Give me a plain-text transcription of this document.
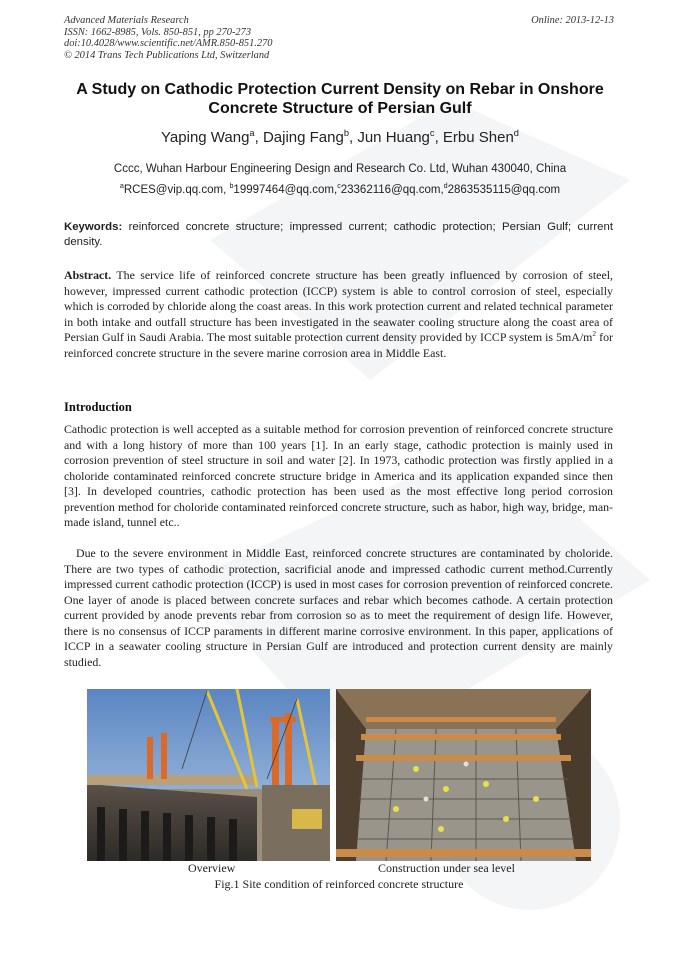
Advanced Materials Research
ISSN: 1662-8985, Vols. 850-851, pp 270-273
doi:10.4028/www.scientific.net/AMR.850-851.270
© 2014 Trans Tech Publications Ltd, Switzerland
Online: 2013-12-13
A Study on Cathodic Protection Current Density on Rebar in Onshore Concrete Structure of Persian Gulf
Yaping Wang$^a$, Dajing Fang$^b$, Jun Huang$^c$, Erbu Shen$^d$
Cccc, Wuhan Harbour Engineering Design and Research Co. Ltd, Wuhan 430040, China
$^a$RCES@vip.qq.com, $^b$19997464@qq.com,$^c$23362116@qq.com,$^d$2863535115@qq.com
Keywords: reinforced concrete structure; impressed current; cathodic protection; Persian Gulf; current density.
Abstract. The service life of reinforced concrete structure has been greatly influenced by corrosion of steel, however, impressed current cathodic protection (ICCP) system is able to control corrosion of steel, especially which is corroded by chloride along the coast areas. In this work protection current and related technical parameter in both intake and outfall structure has been investigated in the seawater cooling structure along the coast area of Persian Gulf in Saudi Arabia. The most suitable protection current density provided by ICCP system is $5mA/m^2$ for reinforced concrete structure in the severe marine corrosion area in Middle East.
Introduction
Cathodic protection is well accepted as a suitable method for corrosion prevention of reinforced concrete structure and with a long history of more than 100 years [1]. In an early stage, cathodic protection is mainly used in corrosion prevention of steel structure in soil and water [2]. In 1973, cathodic protection was firstly applied in a choloride contaminated reinforced concrete structure bridge in America and its application expanded since then [3]. In developed countries, cathodic protection has been used as the most effective long period corrosion prevention method for choloride contaminated reinforced concrete structure, such as habor, high way, bridge, man-made island, tunnel etc..
Due to the severe environment in Middle East, reinforced concrete structures are contaminated by choloride. There are two types of cathodic protection, sacrificial anode and impressed cathodic current method.Currently impressed current cathodic protection (ICCP) is used in most cases for corrosion prevention of reinforced concrete. One layer of anode is placed between concrete surfaces and rebar which becomes cathode. A certain protection current provided by anode prevents rebar from corrosion so as to meet the requirement of design life. However, there is no consensus of ICCP paraments in different marine corrosive environment. In this paper, applications of ICCP in a seawater cooling structure in Persian Gulf are introduced and protection current density are mainly studied.
Overview	Construction under sea level
Fig.1 Site condition of reinforced concrete structure
